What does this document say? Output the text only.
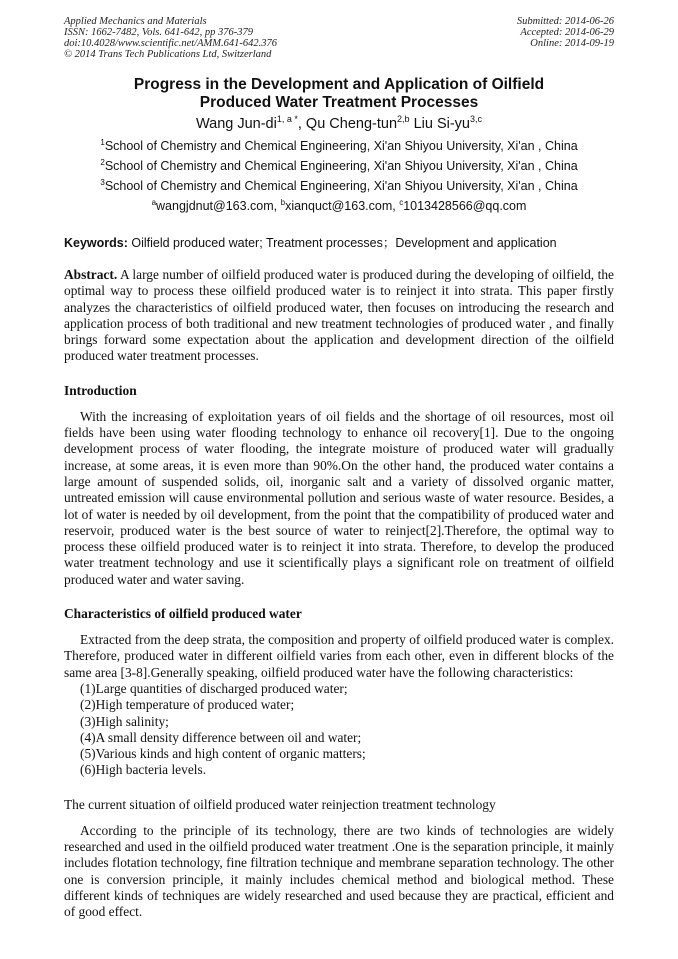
Applied Mechanics and Materials
ISSN: 1662-7482, Vols. 641-642, pp 376-379
doi:10.4028/www.scientific.net/AMM.641-642.376
© 2014 Trans Tech Publications Ltd, Switzerland
Submitted: 2014-06-26
Accepted: 2014-06-29
Online: 2014-09-19
Progress in the Development and Application of Oilfield
Produced Water Treatment Processes
Wang Jun-$di^{1, a *}$, Qu Cheng-tun$^{2,b}$ Liu Si-yu$^{3,c}$
$^1$School of Chemistry and Chemical Engineering, Xi'an Shiyou University, Xi'an , China
$^2$School of Chemistry and Chemical Engineering, Xi'an Shiyou University, Xi'an , China
$^3$School of Chemistry and Chemical Engineering, Xi'an Shiyou University, Xi'an , China
$^a$wangjdnut@163.com, $^b$xianquct@163.com, $^c$1013428566@qq.com
Keywords: Oilfield produced water; Treatment processes；Development and application
Abstract. A large number of oilfield produced water is produced during the developing of oilfield, the optimal way to process these oilfield produced water is to reinject it into strata. This paper firstly analyzes the characteristics of oilfield produced water, then focuses on introducing the research and application process of both traditional and new treatment technologies of produced water , and finally brings forward some expectation about the application and development direction of the oilfield produced water treatment processes.
Introduction
With the increasing of exploitation years of oil fields and the shortage of oil resources, most oil fields have been using water flooding technology to enhance oil recovery[1]. Due to the ongoing development process of water flooding, the integrate moisture of produced water will gradually increase, at some areas, it is even more than 90%.On the other hand, the produced water contains a large amount of suspended solids, oil, inorganic salt and a variety of dissolved organic matter, untreated emission will cause environmental pollution and serious waste of water resource. Besides, a lot of water is needed by oil development, from the point that the compatibility of produced water and reservoir, produced water is the best source of water to reinject[2].Therefore, the optimal way to process these oilfield produced water is to reinject it into strata. Therefore, to develop the produced water treatment technology and use it scientifically plays a significant role on treatment of oilfield produced water and water saving.
Characteristics of oilfield produced water
Extracted from the deep strata, the composition and property of oilfield produced water is complex. Therefore, produced water in different oilfield varies from each other, even in different blocks of the same area [3-8].Generally speaking, oilfield produced water have the following characteristics:
(1)Large quantities of discharged produced water;
(2)High temperature of produced water;
(3)High salinity;
(4)A small density difference between oil and water;
(5)Various kinds and high content of organic matters;
(6)High bacteria levels.
The current situation of oilfield produced water reinjection treatment technology
According to the principle of its technology, there are two kinds of technologies are widely researched and used in the oilfield produced water treatment .One is the separation principle, it mainly includes flotation technology, fine filtration technique and membrane separation technology. The other one is conversion principle, it mainly includes chemical method and biological method. These different kinds of techniques are widely researched and used because they are practical, efficient and of good effect.
